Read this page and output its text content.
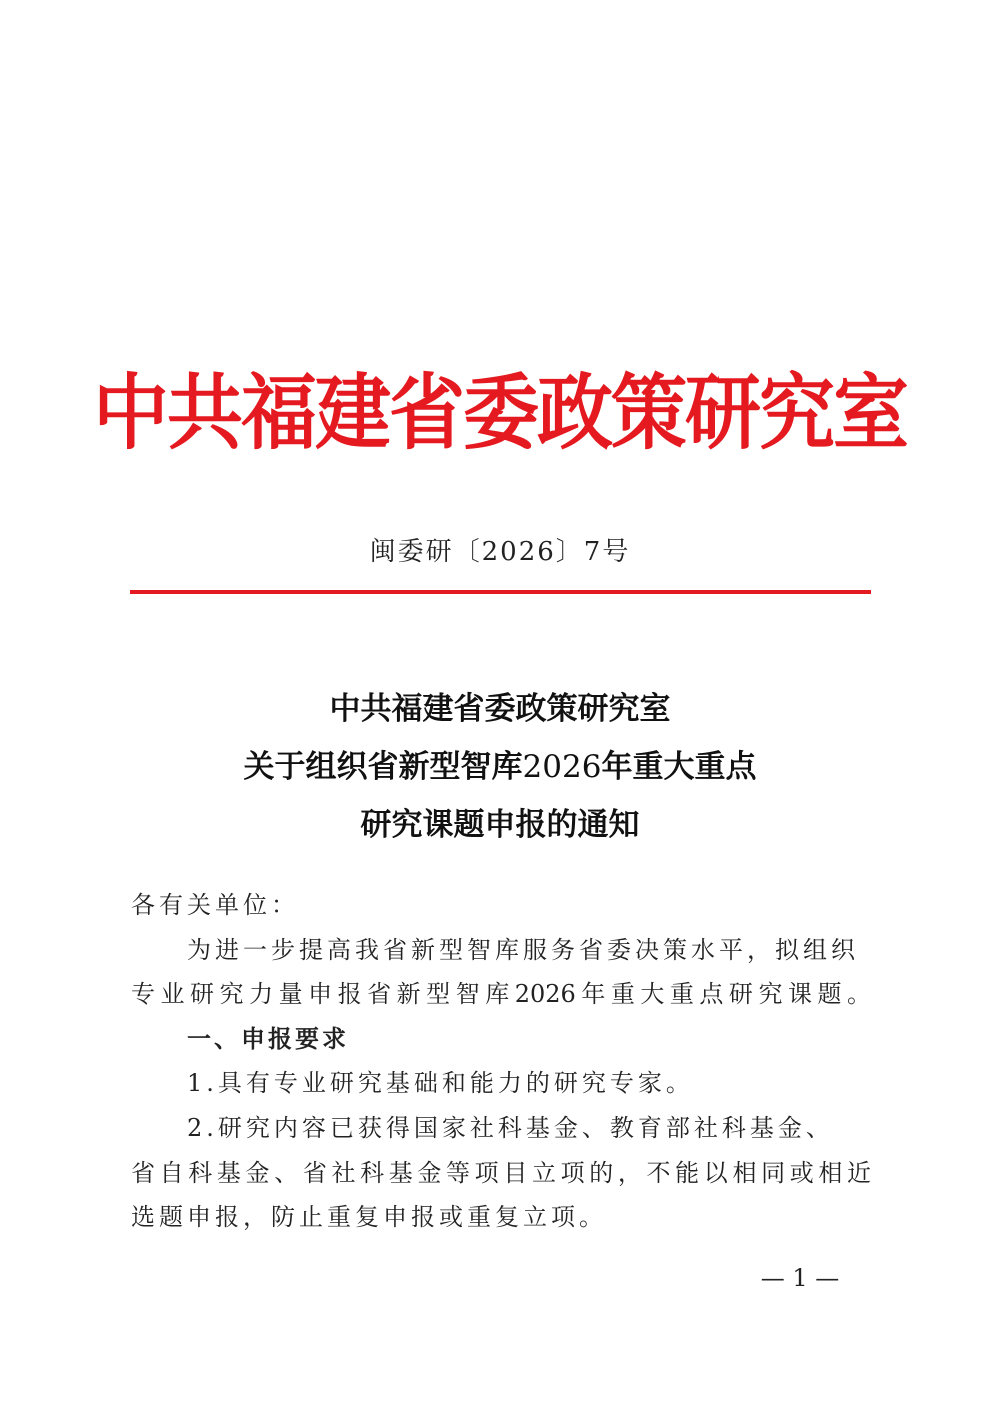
中共福建省委政策研究室
闽委研〔2026〕7号
中共福建省委政策研究室
关于组织省新型智库2026年重大重点
研究课题申报的通知
各有关单位：
为进一步提高我省新型智库服务省委决策水平，拟组织
专业研究力量申报省新型智库2026年重大重点研究课题。
一、申报要求
1.具有专业研究基础和能力的研究专家。
2.研究内容已获得国家社科基金、教育部社科基金、
省自科基金、省社科基金等项目立项的，不能以相同或相近
选题申报，防止重复申报或重复立项。
— 1 —
